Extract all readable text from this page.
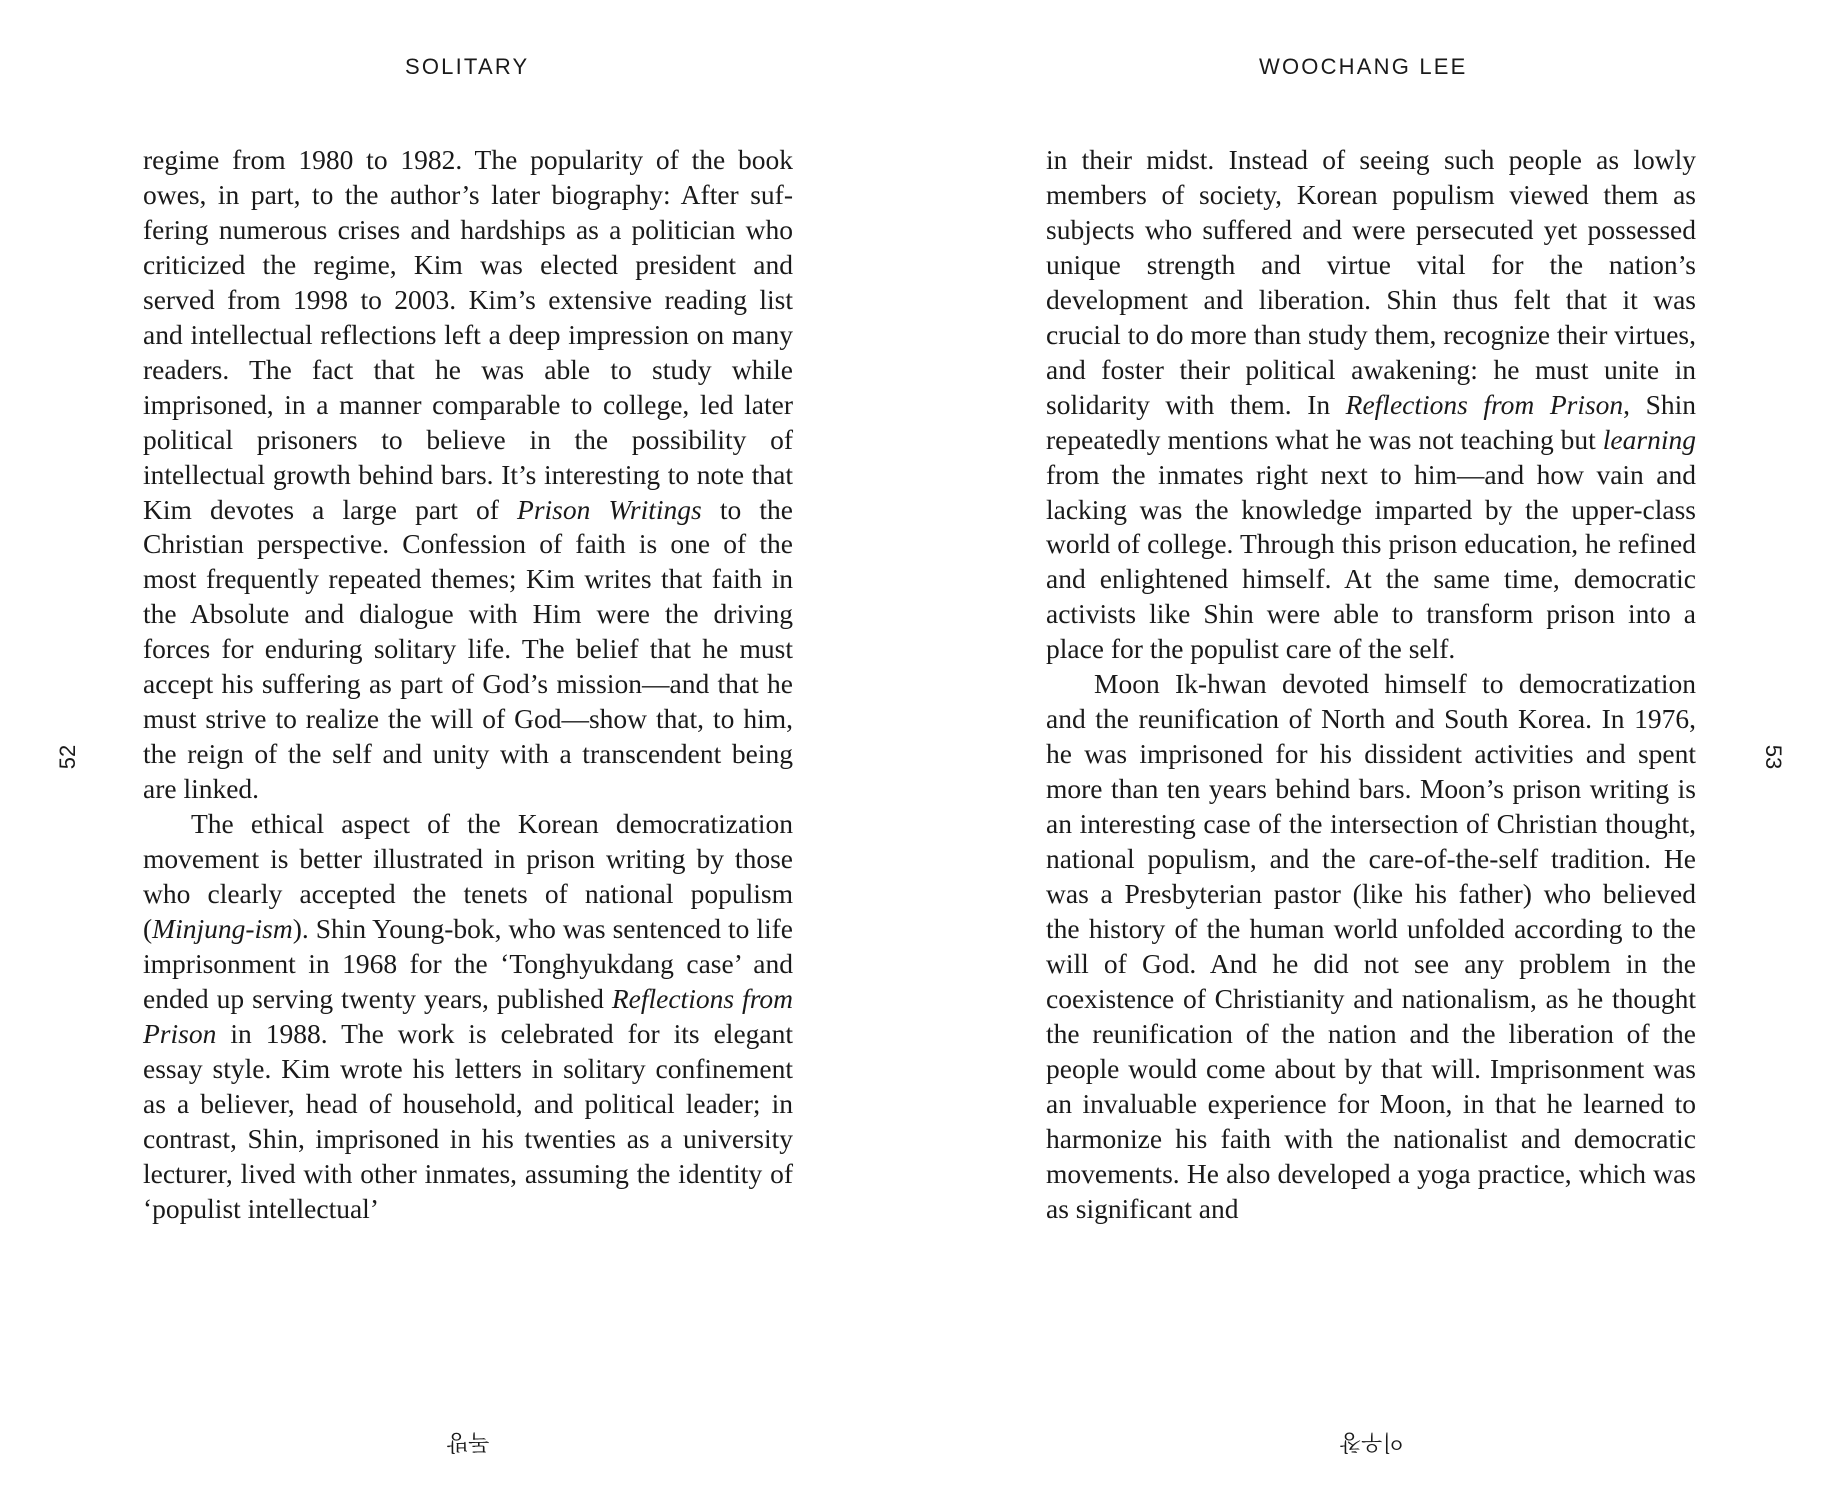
SOLITARY
52

regime from 1980 to 1982. The popularity of the book owes, in part, to the author’s later biography: After suffering numerous crises and hardships as a politician who criticized the regime, Kim was elected president and served from 1998 to 2003. Kim’s extensive reading list and intellectual reflections left a deep impression on many readers. The fact that he was able to study while imprisoned, in a manner comparable to college, led later political prisoners to believe in the possibility of intellectual growth behind bars. It’s interesting to note that Kim devotes a large part of Prison Writings to the Christian perspective. Confession of faith is one of the most frequently repeated themes; Kim writes that faith in the Absolute and dialogue with Him were the driving forces for enduring solitary life. The belief that he must accept his suffering as part of God’s mission—and that he must strive to realize the will of God—show that, to him, the reign of the self and unity with a transcendent being are linked.

The ethical aspect of the Korean democratization movement is better illustrated in prison writing by those who clearly accepted the tenets of national populism (Minjung-ism). Shin Young-bok, who was sentenced to life imprisonment in 1968 for the ‘Tonghyukdang case’ and ended up serving twenty years, published Reflections from Prison in 1988. The work is celebrated for its elegant essay style. Kim wrote his letters in solitary confinement as a believer, head of household, and political leader; in contrast, Shin, imprisoned in his twenties as a university lecturer, lived with other inmates, assuming the identity of ‘populist intellectual’

독방
WOOCHANG LEE
53

in their midst. Instead of seeing such people as lowly members of society, Korean populism viewed them as subjects who suffered and were persecuted yet possessed unique strength and virtue vital for the nation’s development and liberation. Shin thus felt that it was crucial to do more than study them, recognize their virtues, and foster their political awakening: he must unite in solidarity with them. In Reflections from Prison, Shin repeatedly mentions what he was not teaching but learning from the inmates right next to him—and how vain and lacking was the knowledge imparted by the upper-class world of college. Through this prison education, he refined and enlightened himself. At the same time, democratic activists like Shin were able to transform prison into a place for the populist care of the self.

Moon Ik-hwan devoted himself to democratization and the reunification of North and South Korea. In 1976, he was imprisoned for his dissident activities and spent more than ten years behind bars. Moon’s prison writing is an interesting case of the intersection of Christian thought, national populism, and the care-of-the-self tradition. He was a Presbyterian pastor (like his father) who believed the history of the human world unfolded according to the will of God. And he did not see any problem in the coexistence of Christianity and nationalism, as he thought the reunification of the nation and the liberation of the people would come about by that will. Imprisonment was an invaluable experience for Moon, in that he learned to harmonize his faith with the nationalist and democratic movements. He also developed a yoga practice, which was as significant and

이우창
